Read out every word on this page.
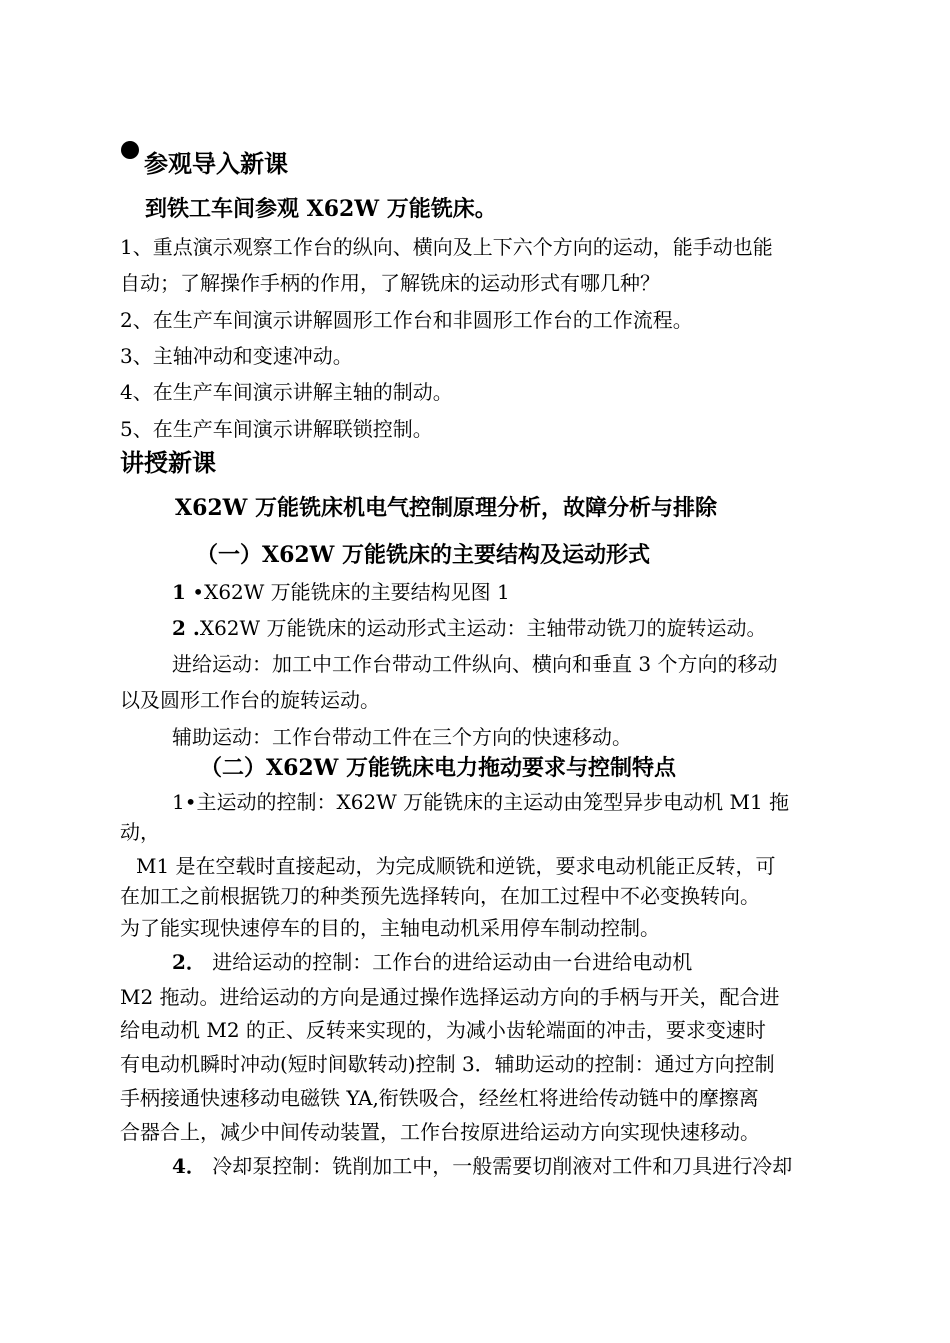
参观导入新课
到铁工车间参观 X62W 万能铣床。
1、重点演示观察工作台的纵向、横向及上下六个方向的运动，能手动也能
自动；了解操作手柄的作用，了解铣床的运动形式有哪几种？
2、在生产车间演示讲解圆形工作台和非圆形工作台的工作流程。
3、主轴冲动和变速冲动。
4、在生产车间演示讲解主轴的制动。
5、在生产车间演示讲解联锁控制。
讲授新课
X62W 万能铣床机电气控制原理分析，故障分析与排除
（一）X62W 万能铣床的主要结构及运动形式
1 •X62W 万能铣床的主要结构见图 1
2 .X62W 万能铣床的运动形式主运动：主轴带动铣刀的旋转运动。
进给运动：加工中工作台带动工件纵向、横向和垂直 3 个方向的移动
以及圆形工作台的旋转运动。
辅助运动：工作台带动工件在三个方向的快速移动。
（二）X62W 万能铣床电力拖动要求与控制特点
1•主运动的控制：X62W 万能铣床的主运动由笼型异步电动机 M1 拖
动，
M1 是在空载时直接起动，为完成顺铣和逆铣，要求电动机能正反转，可
在加工之前根据铣刀的种类预先选择转向，在加工过程中不必变换转向。
为了能实现快速停车的目的，主轴电动机采用停车制动控制。
2． 进给运动的控制：工作台的进给运动由一台进给电动机
M2 拖动。进给运动的方向是通过操作选择运动方向的手柄与开关，配合进
给电动机 M2 的正、反转来实现的，为减小齿轮端面的冲击，要求变速时
有电动机瞬时冲动(短时间歇转动)控制 3．辅助运动的控制：通过方向控制
手柄接通快速移动电磁铁 YA,衔铁吸合，经丝杠将进给传动链中的摩擦离
合器合上，减少中间传动装置，工作台按原进给运动方向实现快速移动。
4． 冷却泵控制：铣削加工中，一般需要切削液对工件和刀具进行冷却
